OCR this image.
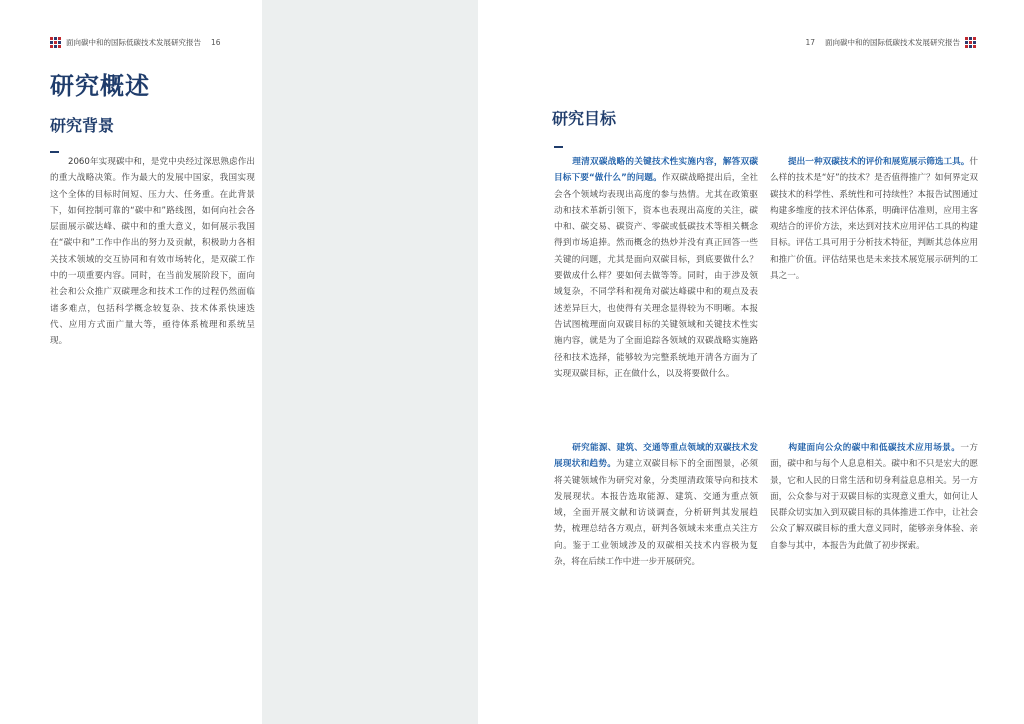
面向碳中和的国际低碳技术发展研究报告 16
研究概述
研究背景
2060年实现碳中和，是党中央经过深思熟虑作出的重大战略决策。作为最大的发展中国家，我国实现这个全体的目标时间短、压力大、任务重。在此背景下，如何控制可靠的“碳中和”路线图，如何向社会各层面展示碳达峰、碳中和的重大意义，如何展示我国在“碳中和”工作中作出的努力及贡献，积极助力各相关技术领域的交互协同和有效市场转化，是双碳工作中的一项重要内容。同时，在当前发展阶段下，面向社会和公众推广双碳理念和技术工作的过程仍然面临诸多难点，包括科学概念较复杂、技术体系快速迭代、应用方式面广量大等，亟待体系梳理和系统呈现。
17 面向碳中和的国际低碳技术发展研究报告
研究目标
理清双碳战略的关键技术性实施内容，解答双碳目标下要“做什么”的问题。作双碳战略提出后，全社会各个领域均表现出高度的参与热情。尤其在政策驱动和技术革新引领下，资本也表现出高度的关注，碳中和、碳交易、碳资产、零碳或低碳技术等相关概念得到市场追捧。然而概念的热炒并没有真正回答一些关键的问题，尤其是面向双碳目标，到底要做什么？要做成什么样？要如何去做等等。同时，由于涉及领域复杂，不同学科和视角对碳达峰碳中和的观点及表述差异巨大，也使得有关理念显得较为不明晰。本报告试图梳理面向双碳目标的关键领域和关键技术性实施内容，就是为了全面追踪各领域的双碳战略实施路径和技术选择，能够较为完整系统地开清各方面为了实现双碳目标，正在做什么，以及将要做什么。
提出一种双碳技术的评价和展览展示筛选工具。什么样的技术是“好”的技术？是否值得推广？如何界定双碳技术的科学性、系统性和可持续性？本报告试图通过构建多维度的技术评估体系，明确评估准则，应用主客观结合的评价方法，来达到对技术应用评估工具的构建目标。评估工具可用于分析技术特征，判断其总体应用和推广价值。评估结果也是未来技术展览展示研判的工具之一。
研究能源、建筑、交通等重点领域的双碳技术发展现状和趋势。为建立双碳目标下的全面图景，必须将关键领域作为研究对象，分类厘清政策导向和技术发展现状。本报告选取能源、建筑、交通为重点领域，全面开展文献和访谈调查，分析研判其发展趋势，梳理总结各方观点，研判各领域未来重点关注方向。鉴于工业领域涉及的双碳相关技术内容极为复杂，将在后续工作中进一步开展研究。
构建面向公众的碳中和低碳技术应用场景。一方面，碳中和与每个人息息相关。碳中和不只是宏大的愿景，它和人民的日常生活和切身利益息息相关。另一方面，公众参与对于双碳目标的实现意义重大，如何让人民群众切实加入到双碳目标的具体推进工作中，让社会公众了解双碳目标的重大意义同时，能够亲身体验、亲自参与其中，本报告为此做了初步探索。
